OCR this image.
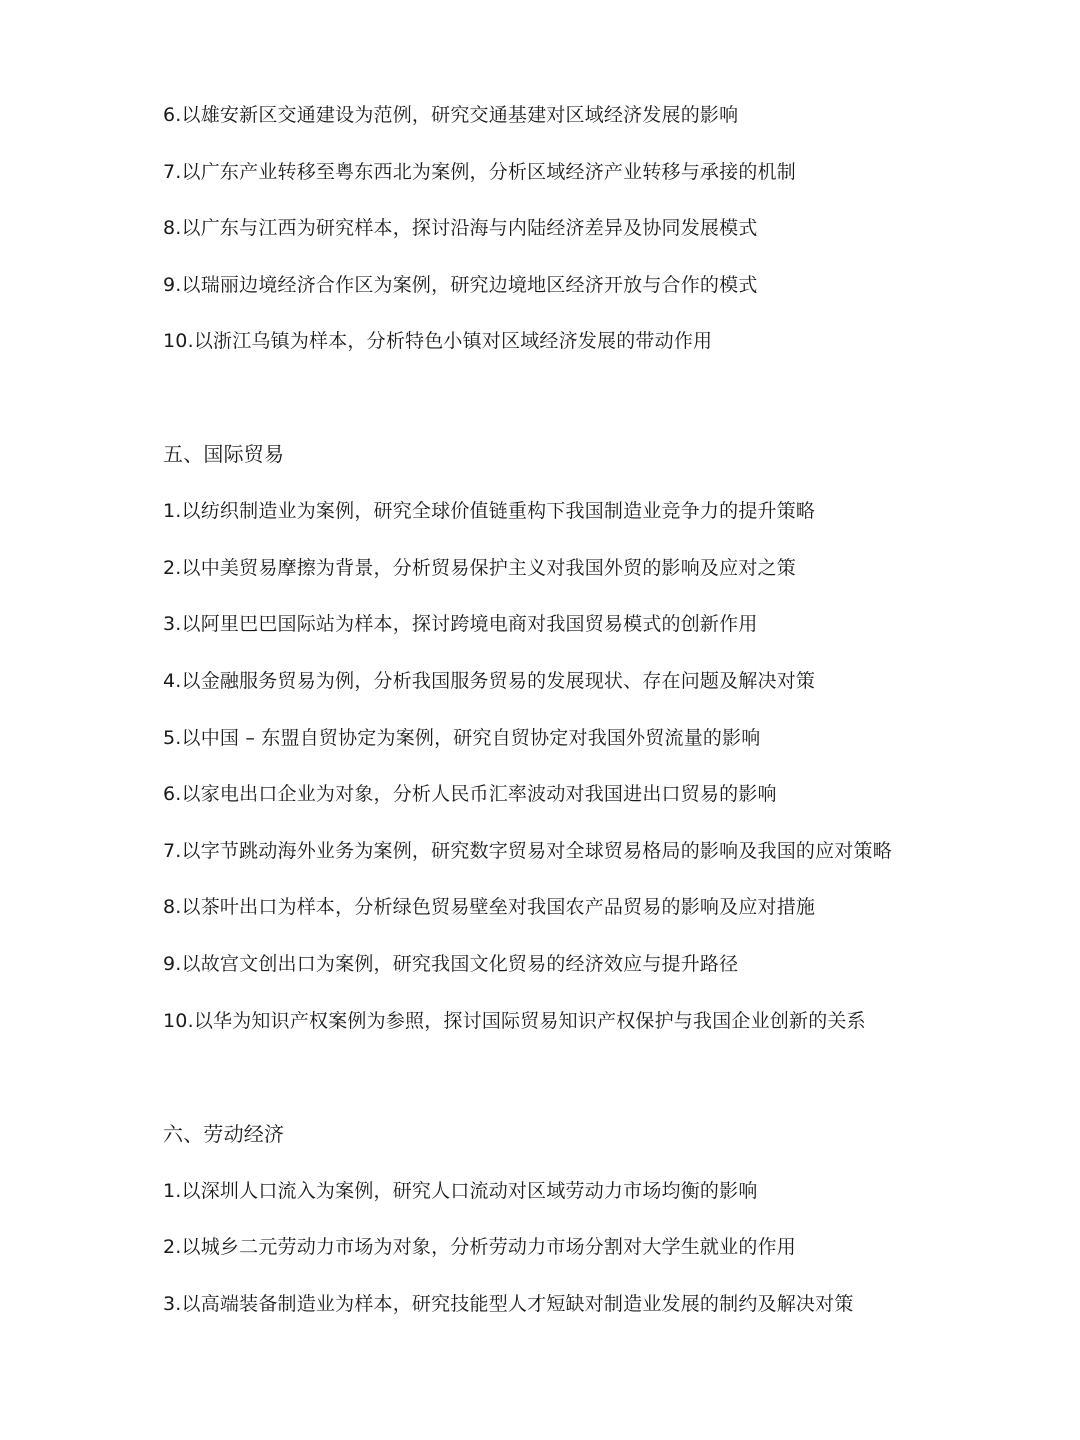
6.以雄安新区交通建设为范例，研究交通基建对区域经济发展的影响
7.以广东产业转移至粤东西北为案例，分析区域经济产业转移与承接的机制
8.以广东与江西为研究样本，探讨沿海与内陆经济差异及协同发展模式
9.以瑞丽边境经济合作区为案例，研究边境地区经济开放与合作的模式
10.以浙江乌镇为样本，分析特色小镇对区域经济发展的带动作用
五、国际贸易
1.以纺织制造业为案例，研究全球价值链重构下我国制造业竞争力的提升策略
2.以中美贸易摩擦为背景，分析贸易保护主义对我国外贸的影响及应对之策
3.以阿里巴巴国际站为样本，探讨跨境电商对我国贸易模式的创新作用
4.以金融服务贸易为例，分析我国服务贸易的发展现状、存在问题及解决对策
5.以中国 – 东盟自贸协定为案例，研究自贸协定对我国外贸流量的影响
6.以家电出口企业为对象，分析人民币汇率波动对我国进出口贸易的影响
7.以字节跳动海外业务为案例，研究数字贸易对全球贸易格局的影响及我国的应对策略
8.以茶叶出口为样本，分析绿色贸易壁垒对我国农产品贸易的影响及应对措施
9.以故宫文创出口为案例，研究我国文化贸易的经济效应与提升路径
10.以华为知识产权案例为参照，探讨国际贸易知识产权保护与我国企业创新的关系
六、劳动经济
1.以深圳人口流入为案例，研究人口流动对区域劳动力市场均衡的影响
2.以城乡二元劳动力市场为对象，分析劳动力市场分割对大学生就业的作用
3.以高端装备制造业为样本，研究技能型人才短缺对制造业发展的制约及解决对策
